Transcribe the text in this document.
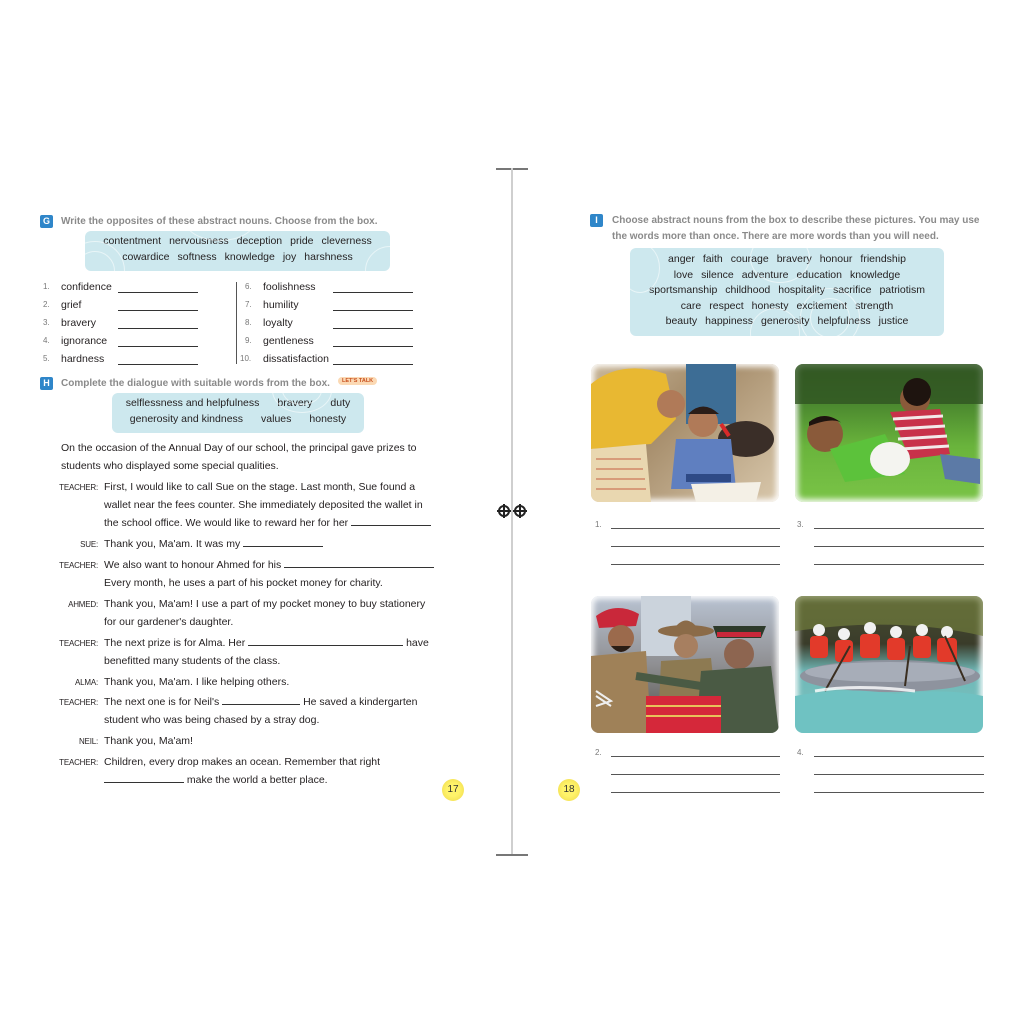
G	Write the opposites of these abstract nouns. Choose from the box.
contentment nervousness deception pride cleverness
cowardice softness knowledge joy harshness
1. confidence
2. grief
3. bravery
4. ignorance
5. hardness
6. foolishness
7. humility
8. loyalty
9. gentleness
10. dissatisfaction
H	Complete the dialogue with suitable words from the box.	LET'S TALK
selflessness and helpfulness bravery duty
generosity and kindness values honesty
On the occasion of the Annual Day of our school, the principal gave prizes to students who displayed some special qualities.
TEACHER: First, I would like to call Sue on the stage. Last month, Sue found a
wallet near the fees counter. She immediately deposited the wallet in
the school office. We would like to reward her for her
SUE: Thank you, Ma'am. It was my
TEACHER: We also want to honour Ahmed for his
Every month, he uses a part of his pocket money for charity.
AHMED: Thank you, Ma'am! I use a part of my pocket money to buy stationery
for our gardener's daughter.
TEACHER: The next prize is for Alma. Her	have
benefitted many students of the class.
ALMA: Thank you, Ma'am. I like helping others.
TEACHER: The next one is for Neil's	He saved a kindergarten
student who was being chased by a stray dog.
NEIL: Thank you, Ma'am!
TEACHER: Children, every drop makes an ocean. Remember that right
make the world a better place.
17
I	Choose abstract nouns from the box to describe these pictures. You may use
the words more than once. There are more words than you will need.
anger faith courage bravery honour friendship
love silence adventure education knowledge
sportsmanship childhood hospitality sacrifice patriotism
care respect honesty excitement strength
beauty happiness generosity helpfulness justice
1.	3.
2.	4.
18
